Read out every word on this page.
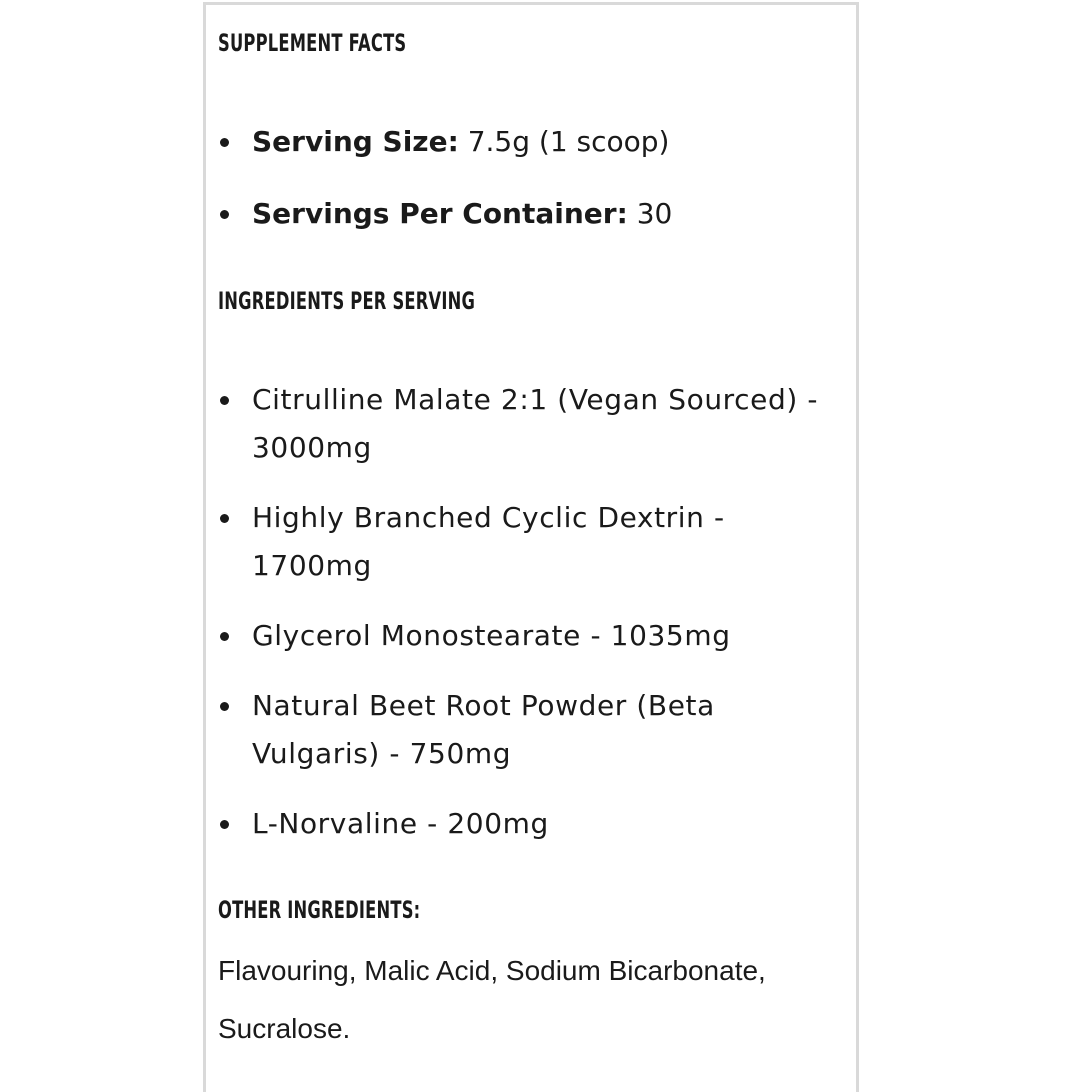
SUPPLEMENT FACTS
Serving Size: 7.5g (1 scoop)
Servings Per Container: 30
INGREDIENTS PER SERVING
Citrulline Malate 2:1 (Vegan Sourced) - 3000mg
Highly Branched Cyclic Dextrin - 1700mg
Glycerol Monostearate - 1035mg
Natural Beet Root Powder (Beta Vulgaris) - 750mg
L-Norvaline - 200mg
OTHER INGREDIENTS:

Flavouring, Malic Acid, Sodium Bicarbonate, Sucralose.
